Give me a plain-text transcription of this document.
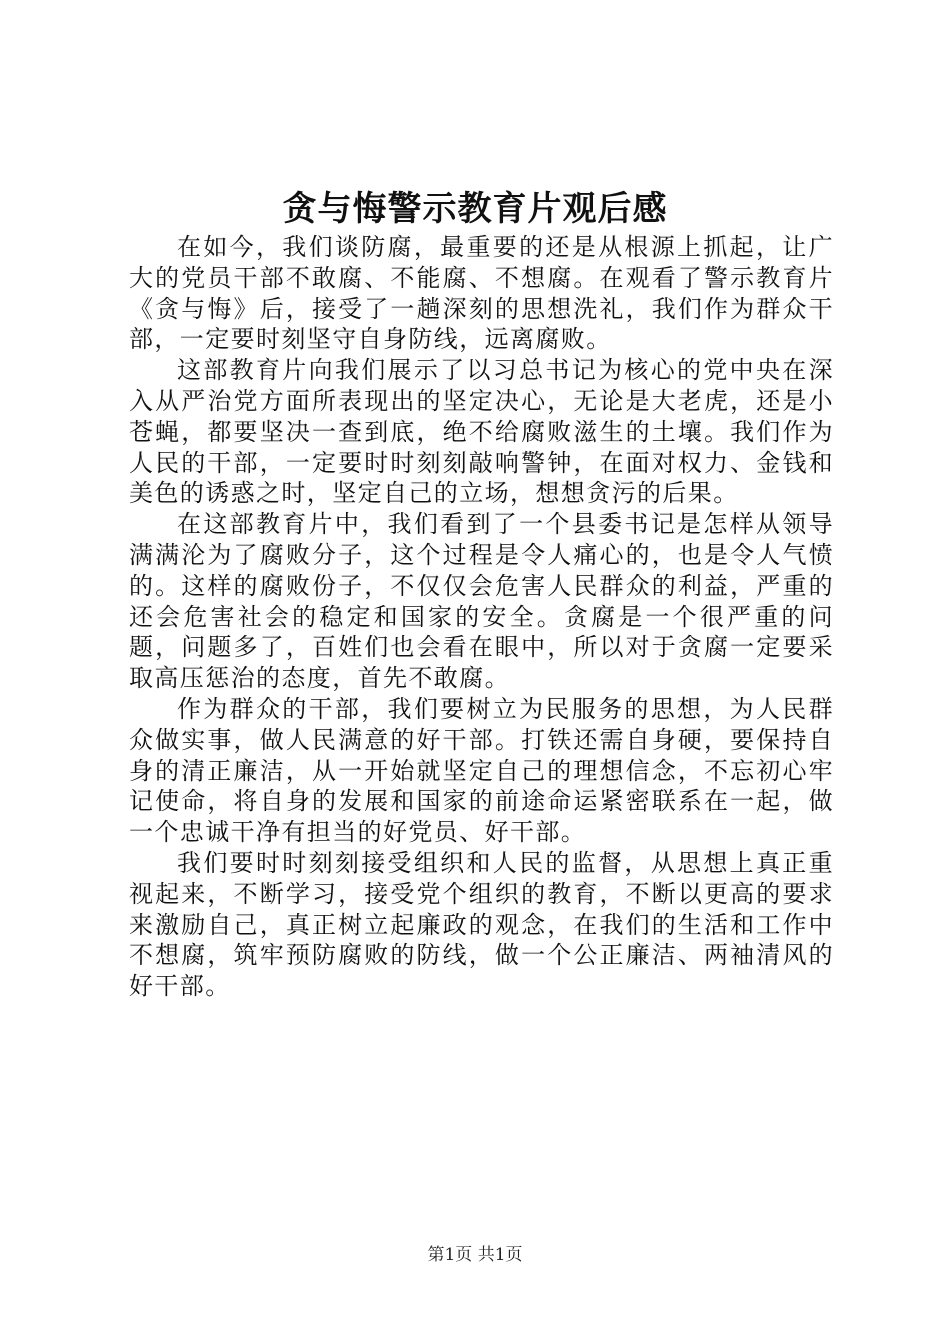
贪与悔警示教育片观后感

在如今，我们谈防腐，最重要的还是从根源上抓起，让广大的党员干部不敢腐、不能腐、不想腐。在观看了警示教育片《贪与悔》后，接受了一趟深刻的思想洗礼，我们作为群众干部，一定要时刻坚守自身防线，远离腐败。

这部教育片向我们展示了以习总书记为核心的党中央在深入从严治党方面所表现出的坚定决心，无论是大老虎，还是小苍蝇，都要坚决一查到底，绝不给腐败滋生的土壤。我们作为人民的干部，一定要时时刻刻敲响警钟，在面对权力、金钱和美色的诱惑之时，坚定自己的立场，想想贪污的后果。

在这部教育片中，我们看到了一个县委书记是怎样从领导满满沦为了腐败分子，这个过程是令人痛心的，也是令人气愤的。这样的腐败份子，不仅仅会危害人民群众的利益，严重的还会危害社会的稳定和国家的安全。贪腐是一个很严重的问题，问题多了，百姓们也会看在眼中，所以对于贪腐一定要采取高压惩治的态度，首先不敢腐。

作为群众的干部，我们要树立为民服务的思想，为人民群众做实事，做人民满意的好干部。打铁还需自身硬，要保持自身的清正廉洁，从一开始就坚定自己的理想信念，不忘初心牢记使命，将自身的发展和国家的前途命运紧密联系在一起，做一个忠诚干净有担当的好党员、好干部。

我们要时时刻刻接受组织和人民的监督，从思想上真正重视起来，不断学习，接受党个组织的教育，不断以更高的要求来激励自己，真正树立起廉政的观念，在我们的生活和工作中不想腐，筑牢预防腐败的防线，做一个公正廉洁、两袖清风的好干部。

第1页 共1页
